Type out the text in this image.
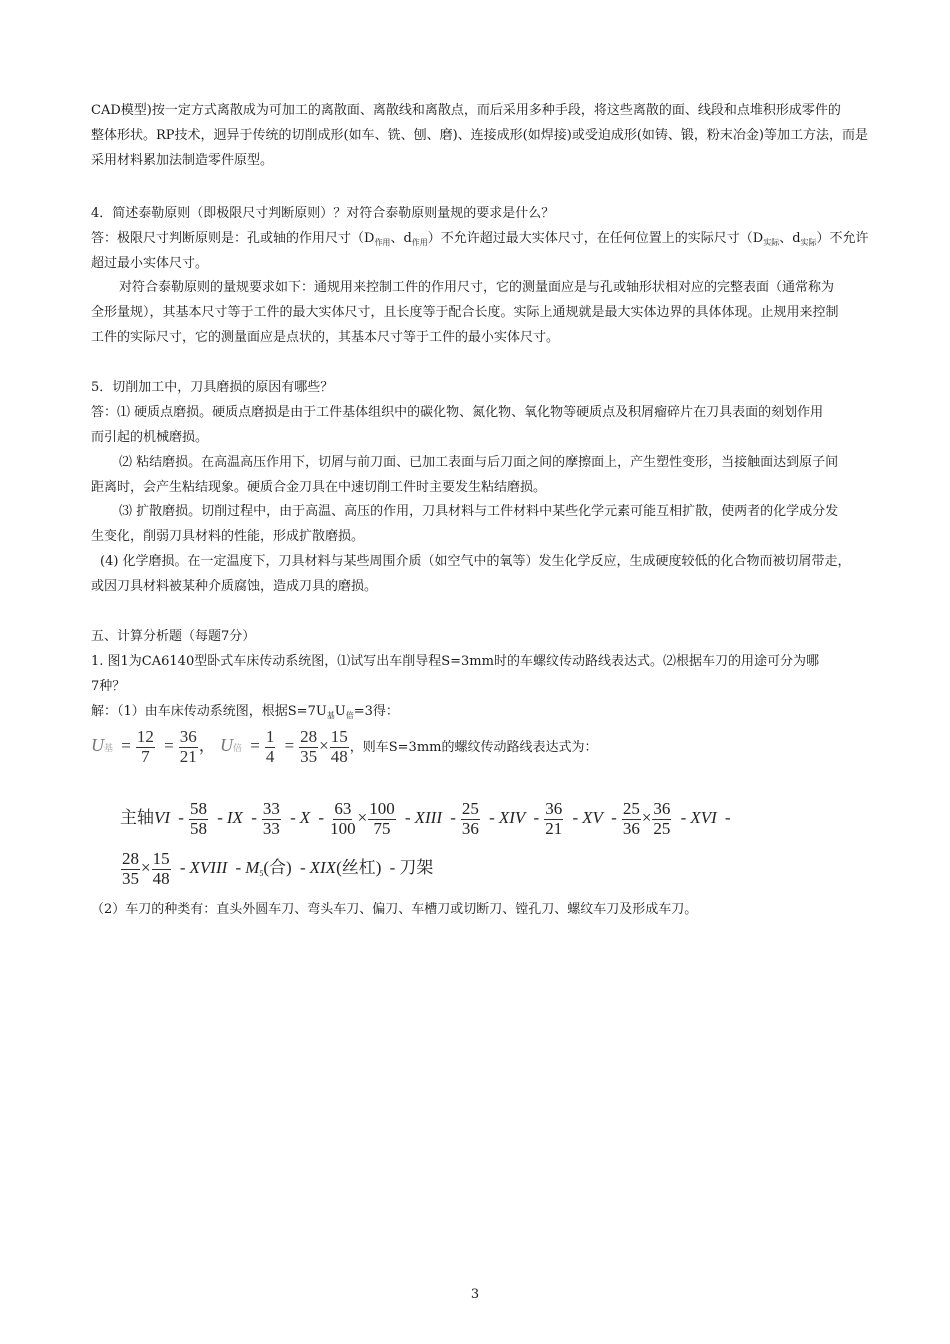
CAD模型)按一定方式离散成为可加工的离散面、离散线和离散点，而后采用多种手段，将这些离散的面、线段和点堆积形成零件的
整体形状。RP技术，迥异于传统的切削成形(如车、铣、刨、磨)、连接成形(如焊接)或受迫成形(如铸、锻，粉末冶金)等加工方法，而是
采用材料累加法制造零件原型。
4．简述泰勒原则（即极限尺寸判断原则）？对符合泰勒原则量规的要求是什么？
答：极限尺寸判断原则是：孔或轴的作用尺寸（$D_{作用}$、$d_{作用}$）不允许超过最大实体尺寸，在任何位置上的实际尺寸（$D_{实际}$、$d_{实际}$）不允许
超过最小实体尺寸。
对符合泰勒原则的量规要求如下：通规用来控制工件的作用尺寸，它的测量面应是与孔或轴形状相对应的完整表面（通常称为
全形量规），其基本尺寸等于工件的最大实体尺寸，且长度等于配合长度。实际上通规就是最大实体边界的具体体现。止规用来控制
工件的实际尺寸，它的测量面应是点状的，其基本尺寸等于工件的最小实体尺寸。
5．切削加工中，刀具磨损的原因有哪些？
答：⑴ 硬质点磨损。硬质点磨损是由于工件基体组织中的碳化物、氮化物、氧化物等硬质点及积屑瘤碎片在刀具表面的刻划作用
而引起的机械磨损。
⑵ 粘结磨损。在高温高压作用下，切屑与前刀面、已加工表面与后刀面之间的摩擦面上，产生塑性变形，当接触面达到原子间
距离时，会产生粘结现象。硬质合金刀具在中速切削工件时主要发生粘结磨损。
⑶ 扩散磨损。切削过程中，由于高温、高压的作用，刀具材料与工件材料中某些化学元素可能互相扩散，使两者的化学成分发
生变化，削弱刀具材料的性能，形成扩散磨损。
(4) 化学磨损。在一定温度下，刀具材料与某些周围介质（如空气中的氧等）发生化学反应，生成硬度较低的化合物而被切屑带走，
或因刀具材料被某种介质腐蚀，造成刀具的磨损。
五、计算分析题（每题7分）
1. 图1为CA6140型卧式车床传动系统图，⑴试写出车削导程S=3mm时的车螺纹传动路线表达式。⑵根据车刀的用途可分为哪
7种？
解：（1）由车床传动系统图，根据$S=7U_基U_倍=3$得：
U基 = $\frac{12}{7} = \frac{36}{21}$ ， U倍 = $\frac{1}{4} = \frac{28}{35} \times \frac{15}{48}$ ，则车S=3mm的螺纹传动路线表达式为：
主轴VI - $\frac{58}{58}$ - IX - $\frac{33}{33} - X - \frac{63}{100} \times \frac{100}{75}$ - XIII - $\frac{25}{36}$ - XIV - $\frac{36}{21}$ - XV - $\frac{25}{36} \times \frac{36}{25}$ - XVI -
$\frac{28}{35} \times \frac{15}{48}$ - XVIII - M5(合) - XIX(丝杠) - 刀架
（2）车刀的种类有：直头外圆车刀、弯头车刀、偏刀、车槽刀或切断刀、镗孔刀、螺纹车刀及形成车刀。
3
